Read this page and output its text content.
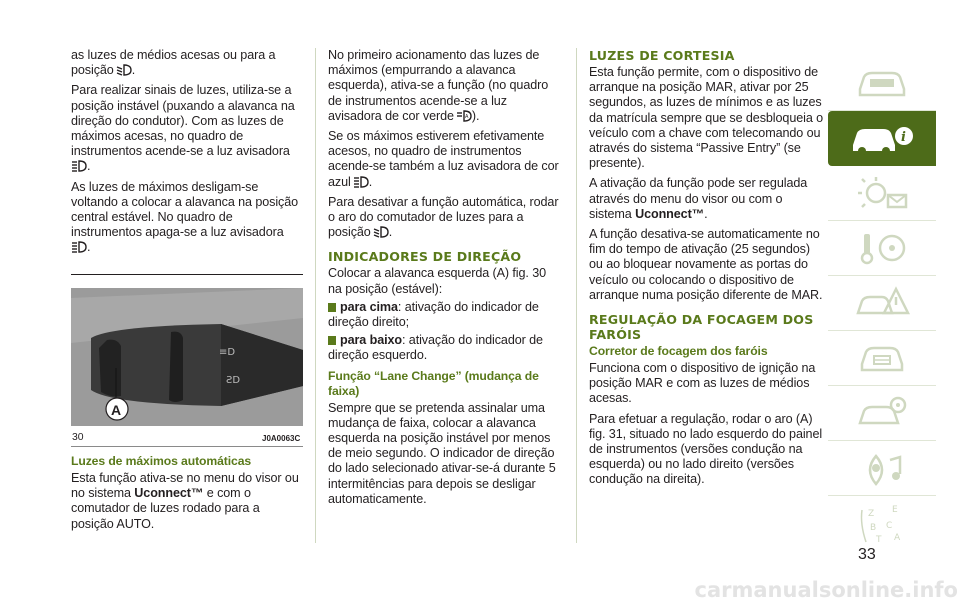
as luzes de médios acesas ou para a posição .

Para realizar sinais de luzes, utiliza-se a posição instável (puxando a alavanca na direção do condutor). Com as luzes de máximos acesas, no quadro de instrumentos acende-se a luz avisadora
.

As luzes de máximos desligam-se voltando a colocar a alavanca na posição central estável. No quadro de instrumentos apaga-se a luz avisadora
.

≡D
ƧD
A
30	J0A0063C
Luzes de máximos automáticas

Esta função ativa-se no menu do visor ou no sistema Uconnect™ e com o comutador de luzes rodado para a posição AUTO.

No primeiro acionamento das luzes de máximos (empurrando a alavanca esquerda), ativa-se a função (no quadro de instrumentos acende-se a luz avisadora de cor verde ).

Se os máximos estiverem efetivamente acesos, no quadro de instrumentos acende-se também a luz avisadora de cor azul .

Para desativar a função automática, rodar o aro do comutador de luzes para a posição .

INDICADORES DE DIREÇÃO

Colocar a alavanca esquerda (A) fig. 30 na posição (estável):

para cima: ativação do indicador de direção direito;

para baixo: ativação do indicador de direção esquerdo.

Função “Lane Change” (mudança de faixa)

Sempre que se pretenda assinalar uma mudança de faixa, colocar a alavanca esquerda na posição instável por menos de meio segundo. O indicador de direção do lado selecionado ativar-se-á durante 5 intermitências para depois se desligar automaticamente.

LUZES DE CORTESIA

Esta função permite, com o dispositivo de arranque na posição MAR, ativar por 25 segundos, as luzes de mínimos e as luzes da matrícula sempre que se desbloqueia o veículo com a chave com telecomando ou através do sistema “Passive Entry” (se presente).

A ativação da função pode ser regulada através do menu do visor ou com o sistema Uconnect™.

A função desativa-se automaticamente no fim do tempo de ativação (25 segundos) ou ao bloquear novamente as portas do veículo ou colocando o dispositivo de arranque numa posição diferente de MAR.

REGULAÇÃO DA FOCAGEM DOS FARÓIS
Corretor de focagem dos faróis

Funciona com o dispositivo de ignição na posição MAR e com as luzes de médios acesas.

Para efetuar a regulação, rodar o aro (A) fig. 31, situado no lado esquerdo do painel de instrumentos (versões condução na esquerda) ou no lado direito (versões condução na direita).

i
Z E
B C
T A
33
carmanualsonline.info
